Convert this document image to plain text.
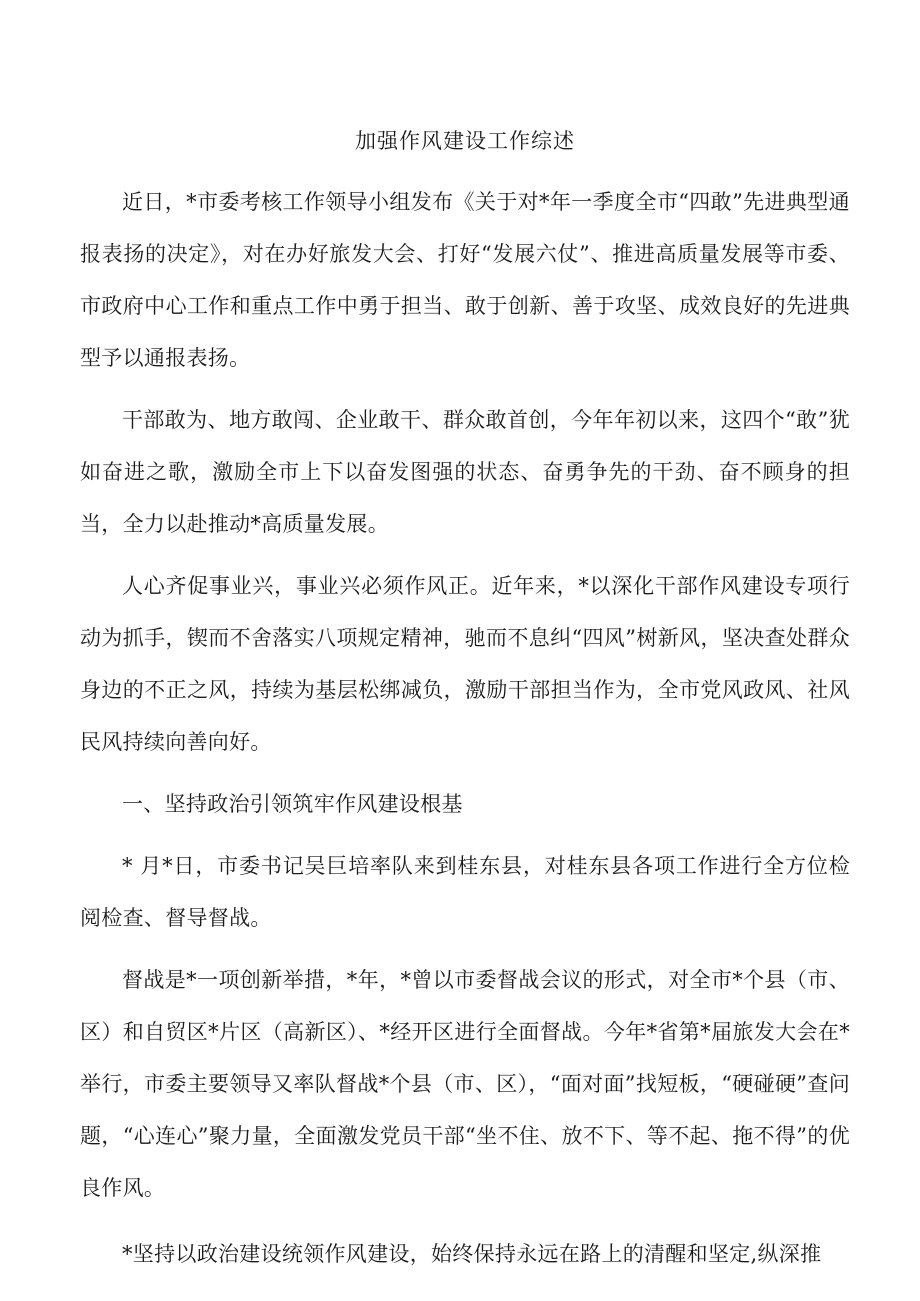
加强作风建设工作综述

近日，*市委考核工作领导小组发布《关于对*年一季度全市“四敢”先进典型通报表扬的决定》，对在办好旅发大会、打好“发展六仗”、推进高质量发展等市委、市政府中心工作和重点工作中勇于担当、敢于创新、善于攻坚、成效良好的先进典型予以通报表扬。

干部敢为、地方敢闯、企业敢干、群众敢首创，今年年初以来，这四个“敢”犹如奋进之歌，激励全市上下以奋发图强的状态、奋勇争先的干劲、奋不顾身的担当，全力以赴推动*高质量发展。

人心齐促事业兴，事业兴必须作风正。近年来，*以深化干部作风建设专项行动为抓手，锲而不舍落实八项规定精神，驰而不息纠“四风”树新风，坚决查处群众身边的不正之风，持续为基层松绑减负，激励干部担当作为，全市党风政风、社风民风持续向善向好。

一、坚持政治引领筑牢作风建设根基

* 月*日，市委书记吴巨培率队来到桂东县，对桂东县各项工作进行全方位检阅检查、督导督战。

督战是*一项创新举措，*年，*曾以市委督战会议的形式，对全市*个县（市、区）和自贸区*片区（高新区）、*经开区进行全面督战。今年*省第*届旅发大会在*举行，市委主要领导又率队督战*个县（市、区），“面对面”找短板，“硬碰硬”查问题，“心连心”聚力量，全面激发党员干部“坐不住、放不下、等不起、拖不得”的优良作风。

*坚持以政治建设统领作风建设，始终保持永远在路上的清醒和坚定,纵深推
